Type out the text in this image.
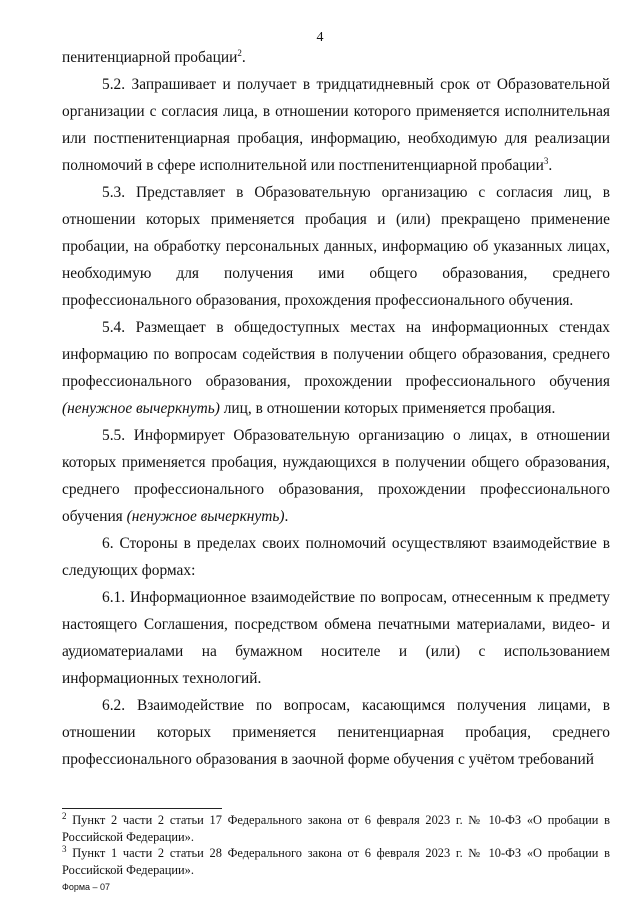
4

пенитенциарной пробации$^2$.

5.2. Запрашивает и получает в тридцатидневный срок от Образовательной организации с согласия лица, в отношении которого применяется исполнительная или постпенитенциарная пробация, информацию, необходимую для реализации полномочий в сфере исполнительной или постпенитенциарной пробации$^3$.

5.3. Представляет в Образовательную организацию с согласия лиц, в отношении которых применяется пробация и (или) прекращено применение пробации, на обработку персональных данных, информацию об указанных лицах, необходимую для получения ими общего образования, среднего профессионального образования, прохождения профессионального обучения.

5.4. Размещает в общедоступных местах на информационных стендах информацию по вопросам содействия в получении общего образования, среднего профессионального образования, прохождении профессионального обучения (ненужное вычеркнуть) лиц, в отношении которых применяется пробация.

5.5. Информирует Образовательную организацию о лицах, в отношении которых применяется пробация, нуждающихся в получении общего образования, среднего профессионального образования, прохождении профессионального обучения (ненужное вычеркнуть).

6. Стороны в пределах своих полномочий осуществляют взаимодействие в следующих формах:

6.1. Информационное взаимодействие по вопросам, отнесенным к предмету настоящего Соглашения, посредством обмена печатными материалами, видео- и аудиоматериалами на бумажном носителе и (или) с использованием информационных технологий.

6.2. Взаимодействие по вопросам, касающимся получения лицами, в отношении которых применяется пенитенциарная пробация, среднего профессионального образования в заочной форме обучения с учётом требований

$^2$ Пункт 2 части 2 статьи 17 Федерального закона от 6 февраля 2023 г. № 10-ФЗ «О пробации в Российской Федерации».

$^3$ Пункт 1 части 2 статьи 28 Федерального закона от 6 февраля 2023 г. № 10-ФЗ «О пробации в Российской Федерации».

Форма – 07
